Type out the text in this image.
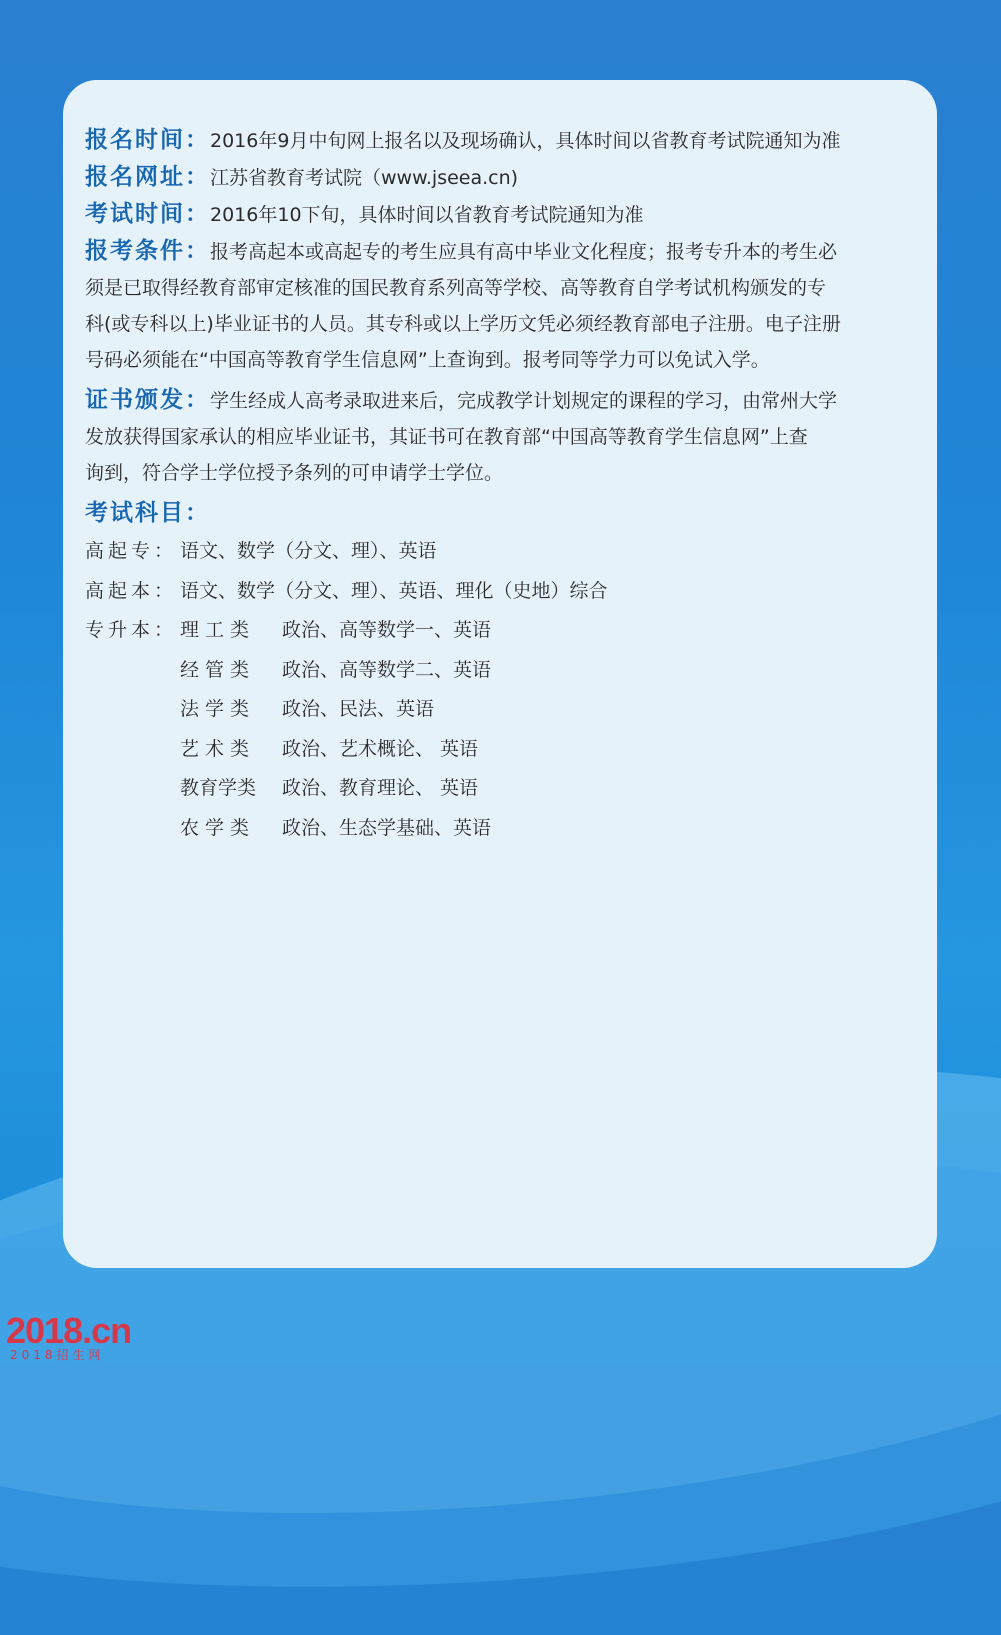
报名时间：2016年9月中旬网上报名以及现场确认，具体时间以省教育考试院通知为准
报名网址：江苏省教育考试院（www.jseea.cn)
考试时间：2016年10下旬，具体时间以省教育考试院通知为准
报考条件：报考高起本或高起专的考生应具有高中毕业文化程度；报考专升本的考生必
须是已取得经教育部审定核准的国民教育系列高等学校、高等教育自学考试机构颁发的专
科(或专科以上)毕业证书的人员。其专科或以上学历文凭必须经教育部电子注册。电子注册
号码必须能在“中国高等教育学生信息网”上查询到。报考同等学力可以免试入学。
证书颁发：学生经成人高考录取进来后，完成教学计划规定的课程的学习，由常州大学
发放获得国家承认的相应毕业证书，其证书可在教育部“中国高等教育学生信息网”上查
询到，符合学士学位授予条列的可申请学士学位。
考试科目：
高起专： 语文、数学（分文、理）、英语
高起本： 语文、数学（分文、理）、英语、理化（史地）综合
专升本： 理工类	政治、高等数学一、英语
经管类	政治、高等数学二、英语
法学类	政治、民法、英语
艺术类	政治、艺术概论、 英语
教育学类	政治、教育理论、 英语
农学类	政治、生态学基础、英语
2018.cn
2018招生网
